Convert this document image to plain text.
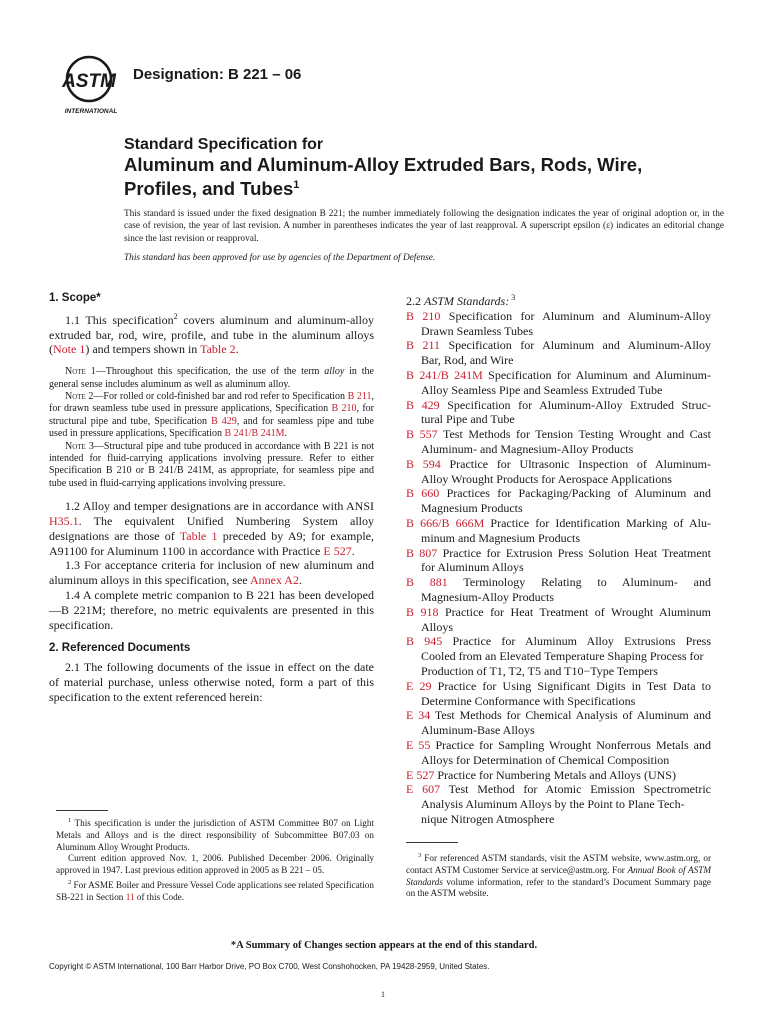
ASTM
INTERNATIONAL
Designation: B 221 – 06
Standard Specification for
Aluminum and Aluminum-Alloy Extruded Bars, Rods, Wire,
Profiles, and Tubes$^1$
This standard is issued under the fixed designation B 221; the number immediately following the designation indicates the year of original adoption or, in the case of revision, the year of last revision. A number in parentheses indicates the year of last reapproval. A superscript epsilon (ε) indicates an editorial change since the last revision or reapproval.
This standard has been approved for use by agencies of the Department of Defense.
1. Scope*

1.1 This specification$^2$ covers aluminum and aluminum-alloy extruded bar, rod, wire, profile, and tube in the aluminum alloys (Note 1) and tempers shown in Table 2.

Note 1—Throughout this specification, the use of the term alloy in the general sense includes aluminum as well as aluminum alloy.

Note 2—For rolled or cold-finished bar and rod refer to Specification B 211, for drawn seamless tube used in pressure applications, Specification B 210, for structural pipe and tube, Specification B 429, and for seamless pipe and tube used in pressure applications, Specification B 241/B 241M.

Note 3—Structural pipe and tube produced in accordance with B 221 is not intended for fluid-carrying applications involving pressure. Refer to either Specification B 210 or B 241/B 241M, as appropriate, for seamless pipe and tube used in fluid-carrying applications involving pressure.

1.2 Alloy and temper designations are in accordance with ANSI H35.1. The equivalent Unified Numbering System alloy designations are those of Table 1 preceded by A9; for example, A91100 for Aluminum 1100 in accordance with Practice E 527.

1.3 For acceptance criteria for inclusion of new aluminum and aluminum alloys in this specification, see Annex A2.

1.4 A complete metric companion to B 221 has been developed—B 221M; therefore, no metric equivalents are presented in this specification.

2. Referenced Documents

2.1 The following documents of the issue in effect on the date of material purchase, unless otherwise noted, form a part of this specification to the extent referenced herein:

$^1$ This specification is under the jurisdiction of ASTM Committee B07 on Light Metals and Alloys and is the direct responsibility of Subcommittee B07.03 on Aluminum Alloy Wrought Products.

Current edition approved Nov. 1, 2006. Published December 2006. Originally approved in 1947. Last previous edition approved in 2005 as B 221 – 05.

$^2$ For ASME Boiler and Pressure Vessel Code applications see related Specification SB-221 in Section 11 of this Code.

2.2 ASTM Standards: $^3$
B 210 Specification for Aluminum and Aluminum-Alloy
Drawn Seamless Tubes
B 211 Specification for Aluminum and Aluminum-Alloy
Bar, Rod, and Wire
B 241/B 241M Specification for Aluminum and Aluminum-
Alloy Seamless Pipe and Seamless Extruded Tube
B 429 Specification for Aluminum-Alloy Extruded Struc-
tural Pipe and Tube
B 557 Test Methods for Tension Testing Wrought and Cast
Aluminum- and Magnesium-Alloy Products
B 594 Practice for Ultrasonic Inspection of Aluminum-
Alloy Wrought Products for Aerospace Applications
B 660 Practices for Packaging/Packing of Aluminum and
Magnesium Products
B 666/B 666M Practice for Identification Marking of Alu-
minum and Magnesium Products
B 807 Practice for Extrusion Press Solution Heat Treatment
for Aluminum Alloys
B 881 Terminology Relating to Aluminum- and
Magnesium-Alloy Products
B 918 Practice for Heat Treatment of Wrought Aluminum
Alloys
B 945 Practice for Aluminum Alloy Extrusions Press
Cooled from an Elevated Temperature Shaping Process for
Production of T1, T2, T5 and T10−Type Tempers
E 29 Practice for Using Significant Digits in Test Data to
Determine Conformance with Specifications
E 34 Test Methods for Chemical Analysis of Aluminum and
Aluminum-Base Alloys
E 55 Practice for Sampling Wrought Nonferrous Metals and
Alloys for Determination of Chemical Composition
E 527 Practice for Numbering Metals and Alloys (UNS)
E 607 Test Method for Atomic Emission Spectrometric
Analysis Aluminum Alloys by the Point to Plane Tech-
nique Nitrogen Atmosphere

$^3$ For referenced ASTM standards, visit the ASTM website, www.astm.org, or contact ASTM Customer Service at service@astm.org. For Annual Book of ASTM Standards volume information, refer to the standard’s Document Summary page on the ASTM website.

*A Summary of Changes section appears at the end of this standard.
Copyright © ASTM International, 100 Barr Harbor Drive, PO Box C700, West Conshohocken, PA 19428-2959, United States.
1
